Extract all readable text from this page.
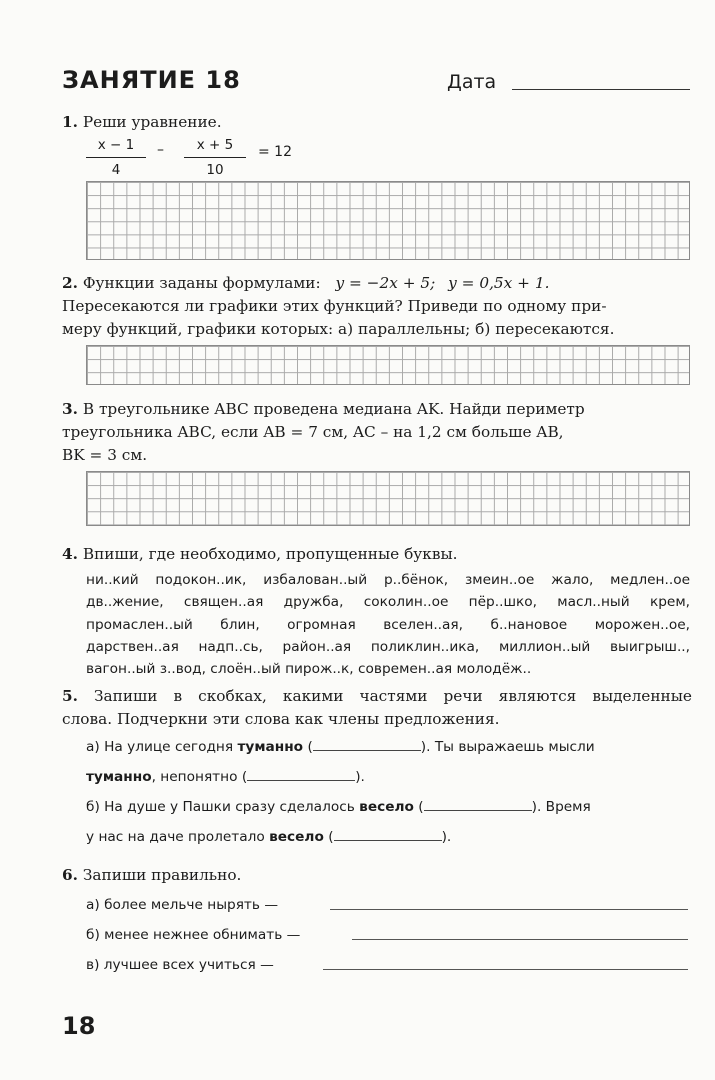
ЗАНЯТИЕ 18	Дата
1. Реши уравнение.
$\frac{x - 1}{4} - \frac{x + 5}{10} = 12$
2. Функции заданы формулами: y = −2x + 5; y = 0,5x + 1.
Пересекаются ли графики этих функций? Приведи по одному при-
меру функций, графики которых: а) параллельны; б) пересекаются.
3. В треугольнике ABC проведена медиана AK. Найди периметр
треугольника ABC, если AB = 7 см, AC – на 1,2 см больше AB,
BK = 3 см.
4. Впиши, где необходимо, пропущенные буквы.
ни..кий подокон..ик, избалован..ый р..бёнок, змеин..ое жало, медлен..ое
дв..жение, священ..ая дружба, соколин..ое пёр..шко, масл..ный крем,
промаслен..ый блин, огромная вселен..ая, б..нановое морожен..ое,
дарствен..ая надп..сь, район..ая поликлин..ика, миллион..ый выигрыш..,
вагон..ый з..вод, слоён..ый пирож..к, современ..ая молодёж..
5. Запиши в скобках, какими частями речи являются выделенные
слова. Подчеркни эти слова как члены предложения.
а) На улице сегодня туманно (	). Ты выражаешь мысли
туманно, непонятно (	).
б) На душе у Пашки сразу сделалось весело (	). Время
у нас на даче пролетало весело (	).
6. Запиши правильно.
а) более мельче нырять —
б) менее нежнее обнимать —
в) лучшее всех учиться —
18
